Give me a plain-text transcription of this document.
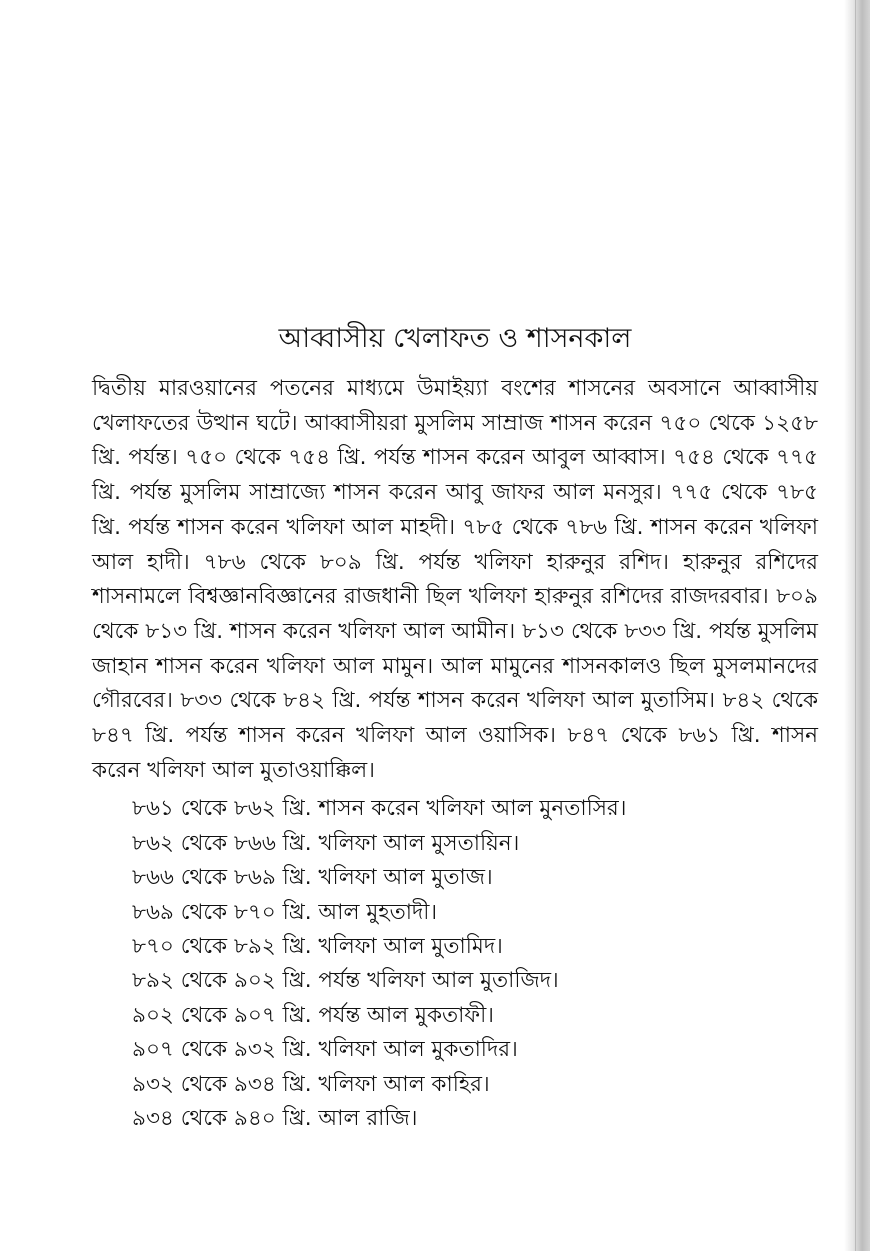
আব্বাসীয় খেলাফত ও শাসনকাল

দ্বিতীয় মারওয়ানের পতনের মাধ্যমে উমাইয়্যা বংশের শাসনের অবসানে আব্বাসীয় খেলাফতের উত্থান ঘটে। আব্বাসীয়রা মুসলিম সাম্রাজ শাসন করেন ৭৫০ থেকে ১২৫৮ খ্রি. পর্যন্ত। ৭৫০ থেকে ৭৫৪ খ্রি. পর্যন্ত শাসন করেন আবুল আব্বাস। ৭৫৪ থেকে ৭৭৫ খ্রি. পর্যন্ত মুসলিম সাম্রাজ্যে শাসন করেন আবু জাফর আল মনসুর। ৭৭৫ থেকে ৭৮৫ খ্রি. পর্যন্ত শাসন করেন খলিফা আল মাহদী। ৭৮৫ থেকে ৭৮৬ খ্রি. শাসন করেন খলিফা আল হাদী। ৭৮৬ থেকে ৮০৯ খ্রি. পর্যন্ত খলিফা হারুনুর রশিদ। হারুনুর রশিদের শাসনামলে বিশ্বজ্ঞানবিজ্ঞানের রাজধানী ছিল খলিফা হারুনুর রশিদের রাজদরবার। ৮০৯ থেকে ৮১৩ খ্রি. শাসন করেন খলিফা আল আমীন। ৮১৩ থেকে ৮৩৩ খ্রি. পর্যন্ত মুসলিম জাহান শাসন করেন খলিফা আল মামুন। আল মামুনের শাসনকালও ছিল মুসলমানদের গৌরবের। ৮৩৩ থেকে ৮৪২ খ্রি. পর্যন্ত শাসন করেন খলিফা আল মুতাসিম। ৮৪২ থেকে ৮৪৭ খ্রি. পর্যন্ত শাসন করেন খলিফা আল ওয়াসিক। ৮৪৭ থেকে ৮৬১ খ্রি. শাসন করেন খলিফা আল মুতাওয়াক্কিল।

৮৬১ থেকে ৮৬২ খ্রি. শাসন করেন খলিফা আল মুনতাসির।
৮৬২ থেকে ৮৬৬ খ্রি. খলিফা আল মুসতায়িন।
৮৬৬ থেকে ৮৬৯ খ্রি. খলিফা আল মুতাজ।
৮৬৯ থেকে ৮৭০ খ্রি. আল মুহতাদী।
৮৭০ থেকে ৮৯২ খ্রি. খলিফা আল মুতামিদ।
৮৯২ থেকে ৯০২ খ্রি. পর্যন্ত খলিফা আল মুতাজিদ।
৯০২ থেকে ৯০৭ খ্রি. পর্যন্ত আল মুকতাফী।
৯০৭ থেকে ৯৩২ খ্রি. খলিফা আল মুকতাদির।
৯৩২ থেকে ৯৩৪ খ্রি. খলিফা আল কাহির।
৯৩৪ থেকে ৯৪০ খ্রি. আল রাজি।
